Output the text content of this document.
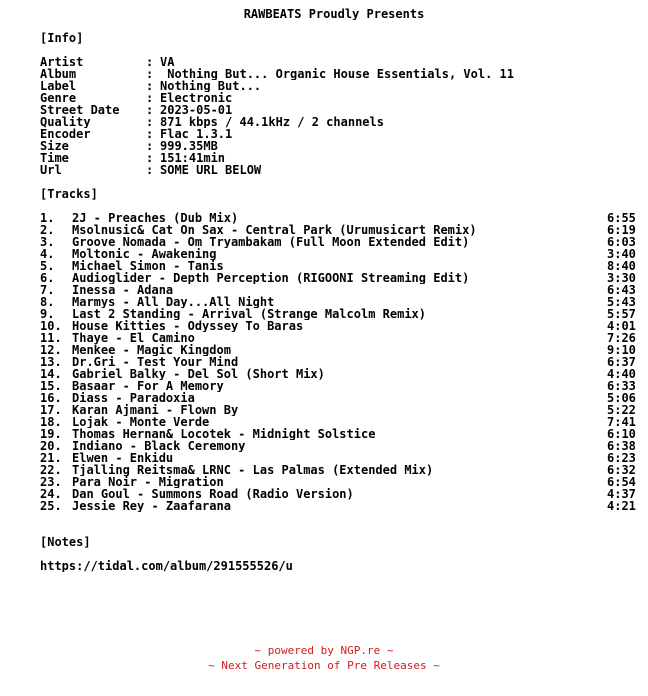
RAWBEATS Proudly Presents
[Info]
Artist	: VA
Album	: Nothing But... Organic House Essentials, Vol. 11
Label	: Nothing But...
Genre	: Electronic
Street Date : 2023-05-01
Quality	: 871 kbps / 44.1kHz / 2 channels
Encoder	: Flac 1.3.1
Size	: 999.35MB
Time	: 151:41min
Url	: SOME URL BELOW
[Tracks]
1. 2J - Preaches (Dub Mix)	6:55
2. Msolnusic& Cat On Sax - Central Park (Urumusicart Remix)	6:19
3. Groove Nomada - Om Tryambakam (Full Moon Extended Edit)	6:03
4. Moltonic - Awakening	3:40
5. Michael Simon - Tanis	8:40
6. Audioglider - Depth Perception (RIGOONI Streaming Edit)	3:30
7. Inessa - Adana	6:43
8. Marmys - All Day...All Night	5:43
9. Last 2 Standing - Arrival (Strange Malcolm Remix)	5:57
10. House Kitties - Odyssey To Baras	4:01
11. Thaye - El Camino	7:26
12. Menkee - Magic Kingdom	9:10
13. Dr.Gri - Test Your Mind	6:37
14. Gabriel Balky - Del Sol (Short Mix)	4:40
15. Basaar - For A Memory	6:33
16. Diass - Paradoxia	5:06
17. Karan Ajmani - Flown By	5:22
18. Lojak - Monte Verde	7:41
19. Thomas Hernan& Locotek - Midnight Solstice	6:10
20. Indiano - Black Ceremony	6:38
21. Elwen - Enkidu	6:23
22. Tjalling Reitsma& LRNC - Las Palmas (Extended Mix)	6:32
23. Para Noir - Migration	6:54
24. Dan Goul - Summons Road (Radio Version)	4:37
25. Jessie Rey - Zaafarana	4:21
[Notes]
https://tidal.com/album/291555526/u
~ powered by NGP.re ~
~ Next Generation of Pre Releases ~
